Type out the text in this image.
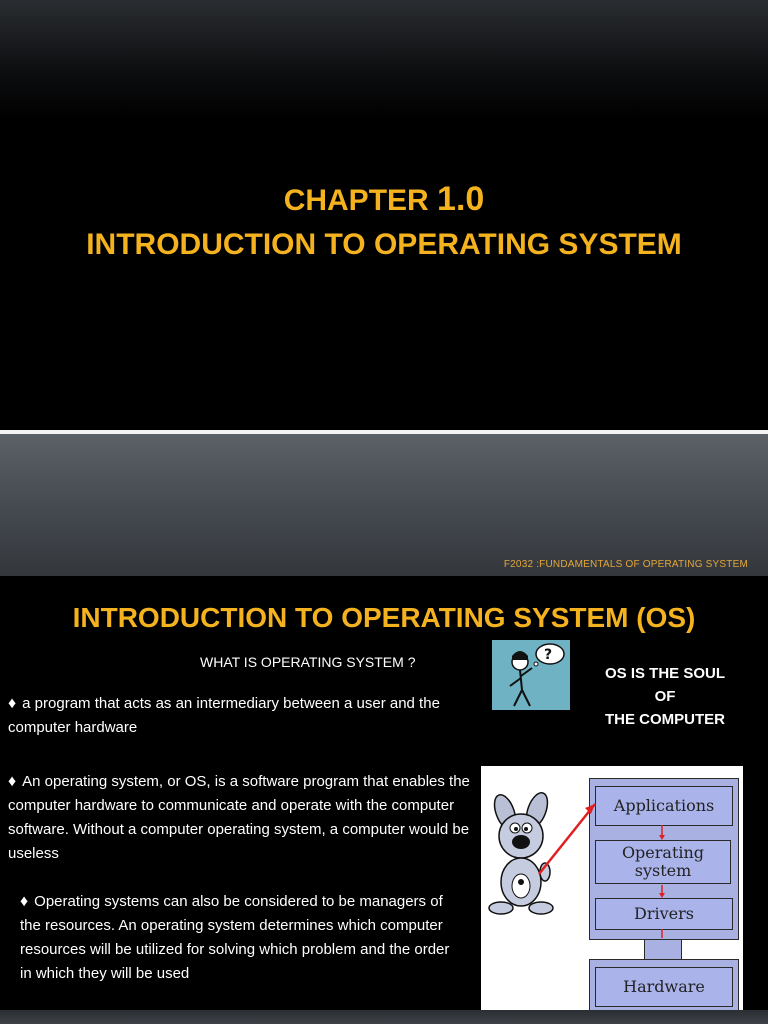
CHAPTER 1.0
INTRODUCTION TO OPERATING SYSTEM
F2032 :FUNDAMENTALS OF OPERATING SYSTEM
INTRODUCTION TO OPERATING SYSTEM (OS)
WHAT IS OPERATING SYSTEM ?	?
OS IS THE SOUL
OF
THE COMPUTER
♦ a program that acts as an intermediary between a user and the computer hardware
♦ An operating system, or OS, is a software program that enables the computer hardware to communicate and operate with the computer software. Without a computer operating system, a computer would be useless
♦ Operating systems can also be considered to be managers of the resources. An operating system determines which computer resources will be utilized for solving which problem and the order in which they will be used
Applications
Operating system
Drivers
Hardware
